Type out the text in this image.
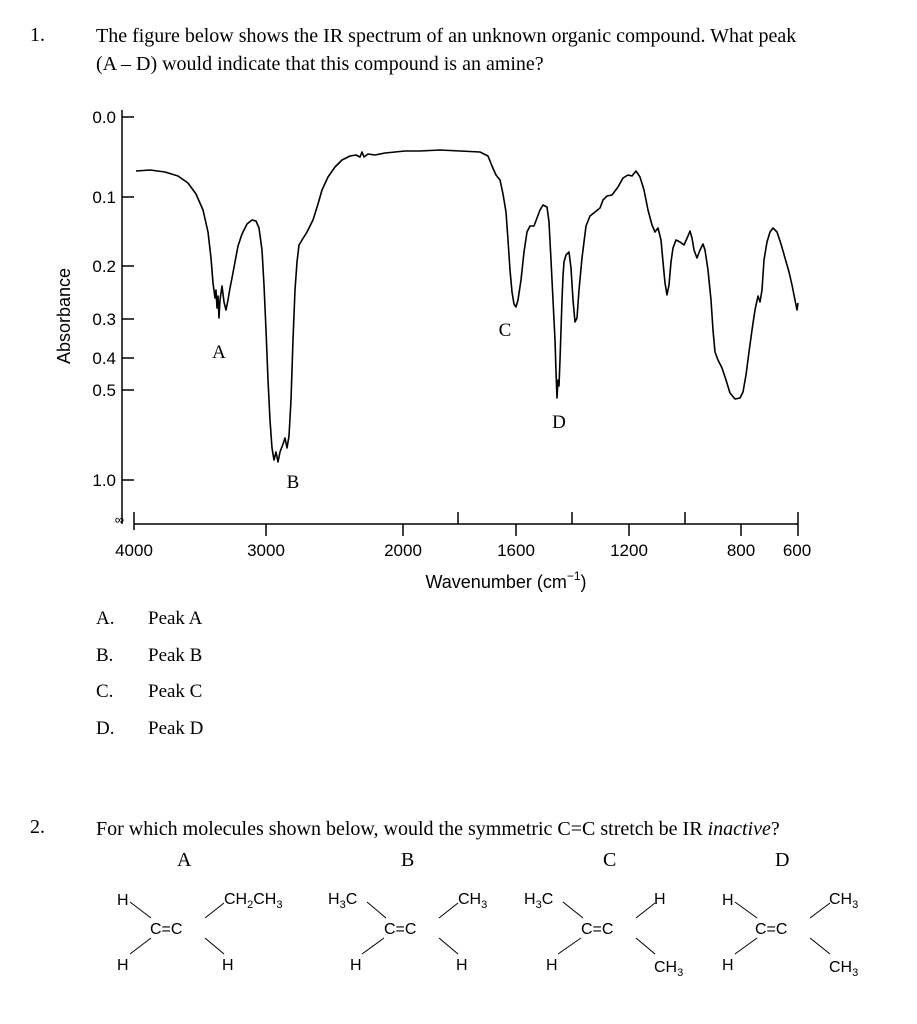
1.	The figure below shows the IR spectrum of an unknown organic compound. What peak
(A – D) would indicate that this compound is an amine?
0.0
0.1
0.2
0.3
0.4
0.5
1.0
∞
Absorbance
4000	3000	2000	1600	1200	800 600
Wavenumber $(cm^{-1})$
A
B
C
D
A. Peak A
B. Peak B
C. Peak C
D. Peak D
2.	For which molecules shown below, would the symmetric C=C stretch be IR inactive?
A	B	C	D
H	$CH_2CH_3$
H	H
C=C
$H_3C$	$CH_3$
H	H
C=C
$H_3C$	H
H	$CH_3$
C=C
H	$CH_3$
H	$CH_3$
C=C
